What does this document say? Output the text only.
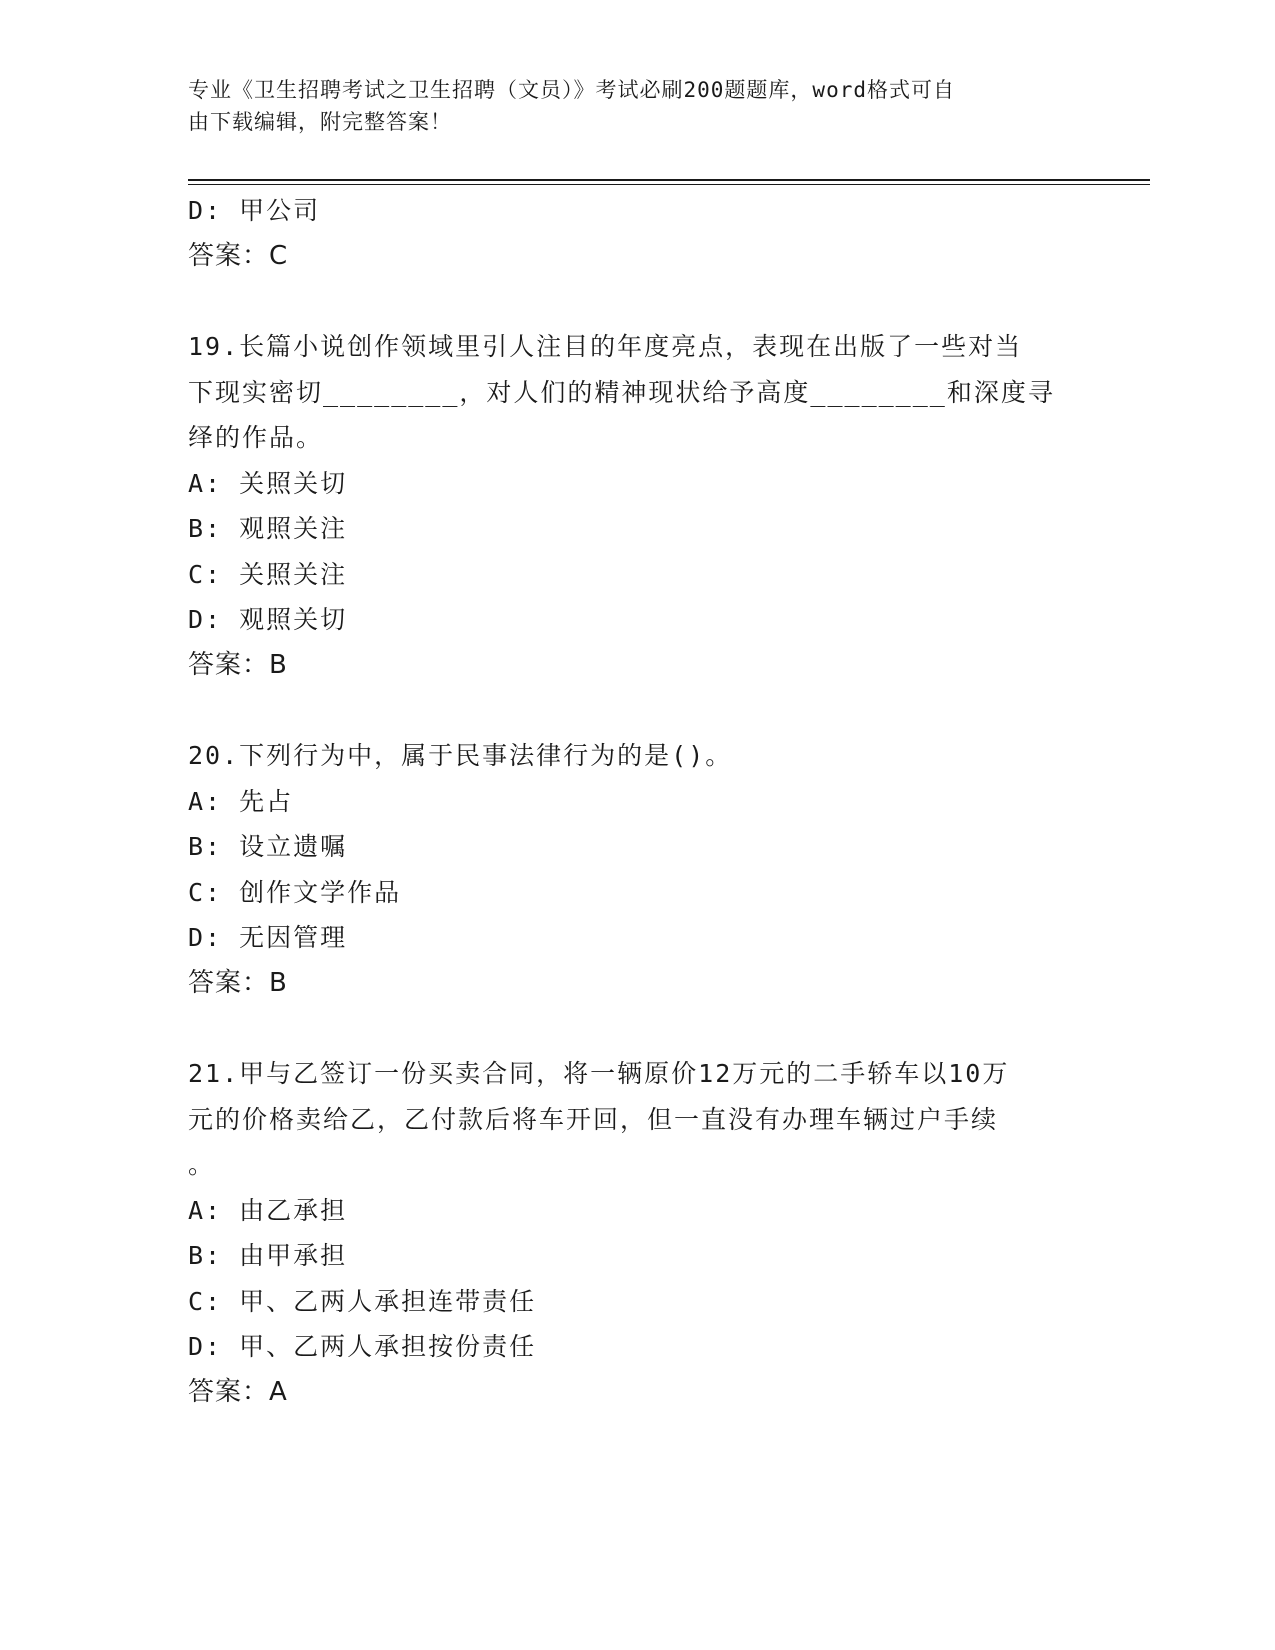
专业《卫生招聘考试之卫生招聘（文员）》考试必刷200题题库，word格式可自
由下载编辑，附完整答案！
D: 甲公司
答案：C
19.长篇小说创作领域里引人注目的年度亮点，表现在出版了一些对当
下现实密切________，对人们的精神现状给予高度________和深度寻
绎的作品。
A: 关照关切
B: 观照关注
C: 关照关注
D: 观照关切
答案：B
20.下列行为中，属于民事法律行为的是()。
A: 先占
B: 设立遗嘱
C: 创作文学作品
D: 无因管理
答案：B
21.甲与乙签订一份买卖合同，将一辆原价12万元的二手轿车以10万
元的价格卖给乙，乙付款后将车开回，但一直没有办理车辆过户手续
。
A: 由乙承担
B: 由甲承担
C: 甲、乙两人承担连带责任
D: 甲、乙两人承担按份责任
答案：A
